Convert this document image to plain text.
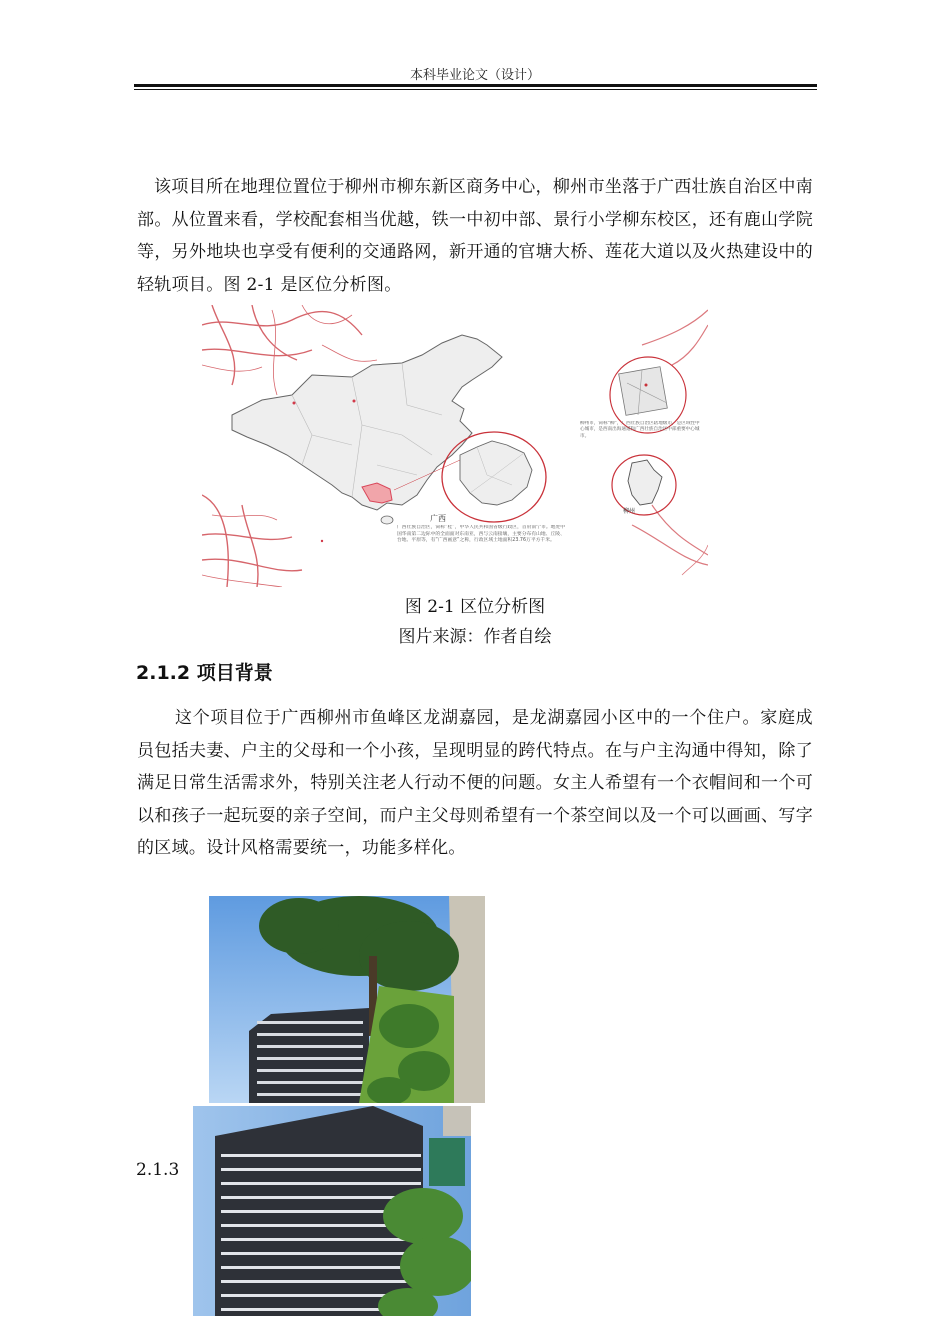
本科毕业论文（设计）
该项目所在地理位置位于柳州市柳东新区商务中心，柳州市坐落于广西壮族自治区中南部。从位置来看，学校配套相当优越，铁一中初中部、景行小学柳东校区，还有鹿山学院等，另外地块也享受有便利的交通路网，新开通的官塘大桥、莲花大道以及火热建设中的轻轨项目。图 2-1 是区位分析图。
广西
广西壮族自治区，简称“桂”，中华人民共和国省级行政区，首府南宁市。地处中国华南第二边际中的全面面对东南亚，西与云南接壤，主要分布有山地、丘陵、台地、平原等，有“广西画意”之称，行政区域土地面积23.76万平方千米。
柳州市，简称“柳”，广西壮族自治区辖地级市，是区域性中心城市，是西南出海通道和广西壮族自治区中部重要中心城市。
柳州
图 2-1 区位分析图
图片来源：作者自绘
2.1.2 项目背景
这个项目位于广西柳州市鱼峰区龙湖嘉园，是龙湖嘉园小区中的一个住户。家庭成员包括夫妻、户主的父母和一个小孩，呈现明显的跨代特点。在与户主沟通中得知，除了满足日常生活需求外，特别关注老人行动不便的问题。女主人希望有一个衣帽间和一个可以和孩子一起玩耍的亲子空间，而户主父母则希望有一个茶空间以及一个可以画画、写字的区域。设计风格需要统一，功能多样化。
2.1.3
